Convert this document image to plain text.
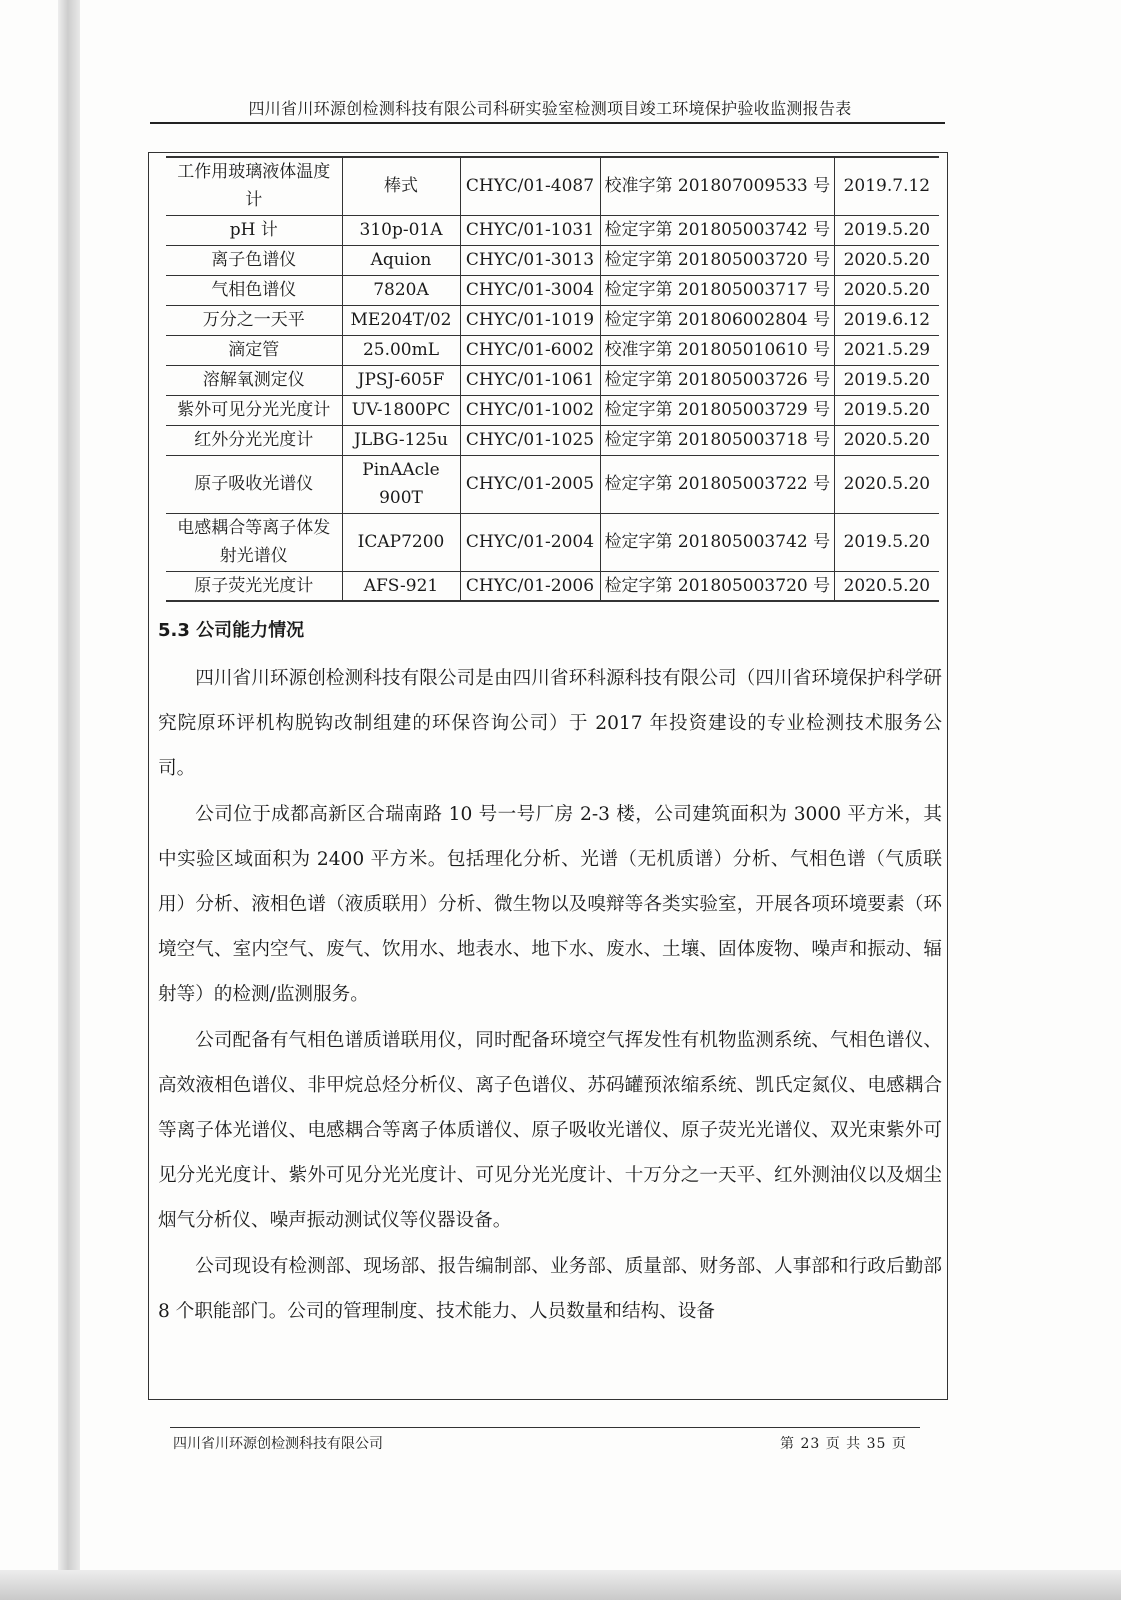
四川省川环源创检测科技有限公司科研实验室检测项目竣工环境保护验收监测报告表
工作用玻璃液体温度计	棒式	CHYC/01-4087	校准字第 201807009533 号	2019.7.12
pH 计	310p-01A	CHYC/01-1031	检定字第 201805003742 号	2019.5.20
离子色谱仪	Aquion	CHYC/01-3013	检定字第 201805003720 号	2020.5.20
气相色谱仪	7820A	CHYC/01-3004	检定字第 201805003717 号	2020.5.20
万分之一天平	ME204T/02	CHYC/01-1019	检定字第 201806002804 号	2019.6.12
滴定管	25.00mL	CHYC/01-6002	校准字第 201805010610 号	2021.5.29
溶解氧测定仪	JPSJ-605F	CHYC/01-1061	检定字第 201805003726 号	2019.5.20
紫外可见分光光度计	UV-1800PC	CHYC/01-1002	检定字第 201805003729 号	2019.5.20
红外分光光度计	JLBG-125u	CHYC/01-1025	检定字第 201805003718 号	2020.5.20
原子吸收光谱仪	PinAAcle 900T	CHYC/01-2005	检定字第 201805003722 号	2020.5.20
电感耦合等离子体发射光谱仪	ICAP7200	CHYC/01-2004	检定字第 201805003742 号	2019.5.20
原子荧光光度计	AFS-921	CHYC/01-2006	检定字第 201805003720 号	2020.5.20
5.3 公司能力情况

四川省川环源创检测科技有限公司是由四川省环科源科技有限公司（四川省环境保护科学研究院原环评机构脱钩改制组建的环保咨询公司）于 2017 年投资建设的专业检测技术服务公司。

公司位于成都高新区合瑞南路 10 号一号厂房 2-3 楼，公司建筑面积为 3000 平方米，其中实验区域面积为 2400 平方米。包括理化分析、光谱（无机质谱）分析、气相色谱（气质联用）分析、液相色谱（液质联用）分析、微生物以及嗅辩等各类实验室，开展各项环境要素（环境空气、室内空气、废气、饮用水、地表水、地下水、废水、土壤、固体废物、噪声和振动、辐射等）的检测/监测服务。

公司配备有气相色谱质谱联用仪，同时配备环境空气挥发性有机物监测系统、气相色谱仪、高效液相色谱仪、非甲烷总烃分析仪、离子色谱仪、苏码罐预浓缩系统、凯氏定氮仪、电感耦合等离子体光谱仪、电感耦合等离子体质谱仪、原子吸收光谱仪、原子荧光光谱仪、双光束紫外可见分光光度计、紫外可见分光光度计、可见分光光度计、十万分之一天平、红外测油仪以及烟尘烟气分析仪、噪声振动测试仪等仪器设备。

公司现设有检测部、现场部、报告编制部、业务部、质量部、财务部、人事部和行政后勤部 8 个职能部门。公司的管理制度、技术能力、人员数量和结构、设备

四川省川环源创检测科技有限公司	第 23 页 共 35 页
